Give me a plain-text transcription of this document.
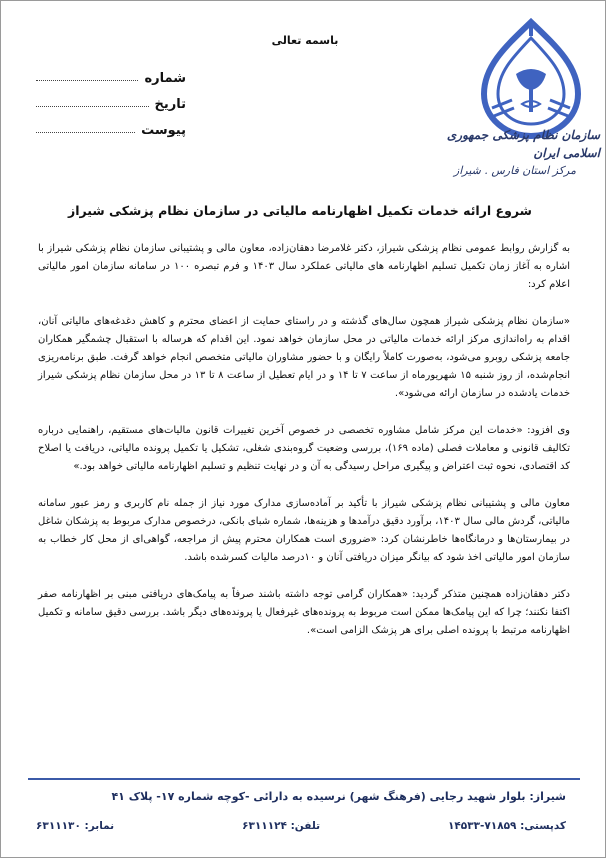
سازمان نظام پزشکی جمهوری اسلامی ایران
مرکز استان فارس . شیراز
باسمه تعالی
شماره
تاریخ
پیوست
شروع ارائه خدمات تکمیل اظهارنامه مالیاتی در سازمان نظام پزشکی شیراز

به گزارش روابط عمومی نظام پزشکی شیراز، دکتر غلامرضا دهقان‌زاده، معاون مالی و پشتیبانی سازمان نظام پزشکی شیراز با اشاره به آغاز زمان تکمیل تسلیم اظهارنامه های مالیاتی عملکرد سال ۱۴۰۳ و فرم تبصره ۱۰۰ در سامانه سازمان امور مالیاتی اعلام کرد:

«سازمان نظام پزشکی شیراز همچون سال‌های گذشته و در راستای حمایت از اعضای محترم و کاهش دغدغه‌های مالیاتی آنان، اقدام به راه‌اندازی مرکز ارائه خدمات مالیاتی در محل سازمان خواهد نمود. این اقدام که هرساله با استقبال چشمگیر همکاران جامعه پزشکی روبرو می‌شود، به‌صورت کاملاً رایگان و با حضور مشاوران مالیاتی متخصص انجام خواهد گرفت. طبق برنامه‌ریزی انجام‌شده، از روز شنبه ۱۵ شهریورماه از ساعت ۷ تا ۱۴ و در ایام تعطیل از ساعت ۸ تا ۱۳ در محل سازمان نظام پزشکی شیراز خدمات یادشده در سازمان ارائه می‌شود».

وی افزود: «خدمات این مرکز شامل مشاوره تخصصی در خصوص آخرین تغییرات قانون مالیات‌های مستقیم، راهنمایی درباره تکالیف قانونی و معاملات فصلی (ماده ۱۶۹)، بررسی وضعیت گروه‌بندی شغلی، تشکیل یا تکمیل پرونده مالیاتی، دریافت یا اصلاح کد اقتصادی، نحوه ثبت اعتراض و پیگیری مراحل رسیدگی به آن و در نهایت تنظیم و تسلیم اظهارنامه مالیاتی خواهد بود.»

معاون مالی و پشتیبانی نظام پزشکی شیراز با تأکید بر آماده‌سازی مدارک مورد نیاز از جمله نام کاربری و رمز عبور سامانه مالیاتی، گردش مالی سال ۱۴۰۳، برآورد دقیق درآمدها و هزینه‌ها، شماره شبای بانکی، درخصوص مدارک مربوط به پزشکان شاغل در بیمارستان‌ها و درمانگاه‌ها خاطرنشان کرد: «ضروری است همکاران محترم پیش از مراجعه، گواهی‌ای از محل کار خطاب به سازمان امور مالیاتی اخذ شود که بیانگر میزان دریافتی آنان و ۱۰درصد مالیات کسرشده باشد.

دکتر دهقان‌زاده همچنین متذکر گردید: «همکاران گرامی توجه داشته باشند صرفاً به پیامک‌های دریافتی مبنی بر اظهارنامه صفر اکتفا نکنند؛ چرا که این پیامک‌ها ممکن است مربوط به پرونده‌های غیرفعال یا پرونده‌های دیگر باشد. بررسی دقیق سامانه و تکمیل اظهارنامه مرتبط با پرونده اصلی برای هر پزشک الزامی است».

شیراز: بلوار شهید رجایی (فرهنگ شهر) نرسیده به دارائی -کوچه شماره ۱۷- پلاک ۴۱
کدپستی: ۷۱۸۵۹-۱۴۵۳۳
تلفن: ۶۳۱۱۱۲۴
نمابر: ۶۳۱۱۱۳۰
